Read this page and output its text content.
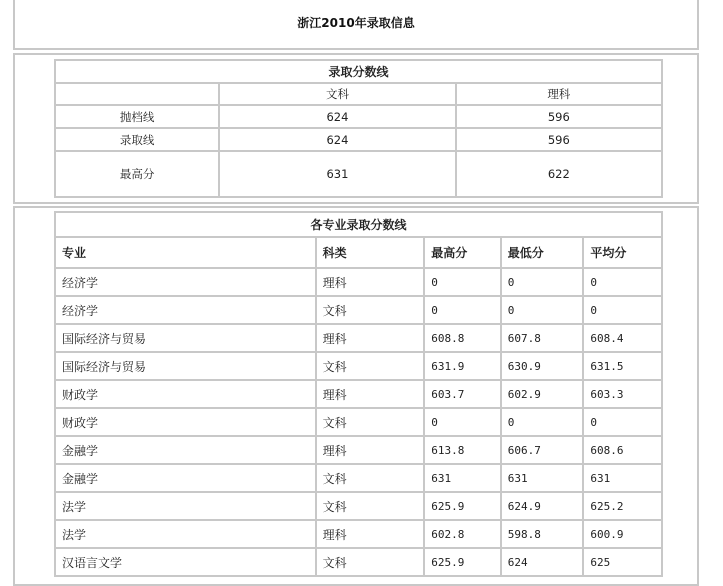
浙江2010年录取信息
录取分数线		
	文科	理科
抛档线	624	596
录取线	624	596
最高分	631	622
各专业录取分数线				
专业	科类	最高分	最低分	平均分
经济学	理科	0	0	0
经济学	文科	0	0	0
国际经济与贸易	理科	608.8	607.8	608.4
国际经济与贸易	文科	631.9	630.9	631.5
财政学	理科	603.7	602.9	603.3
财政学	文科	0	0	0
金融学	理科	613.8	606.7	608.6
金融学	文科	631	631	631
法学	文科	625.9	624.9	625.2
法学	理科	602.8	598.8	600.9
汉语言文学	文科	625.9	624	625
